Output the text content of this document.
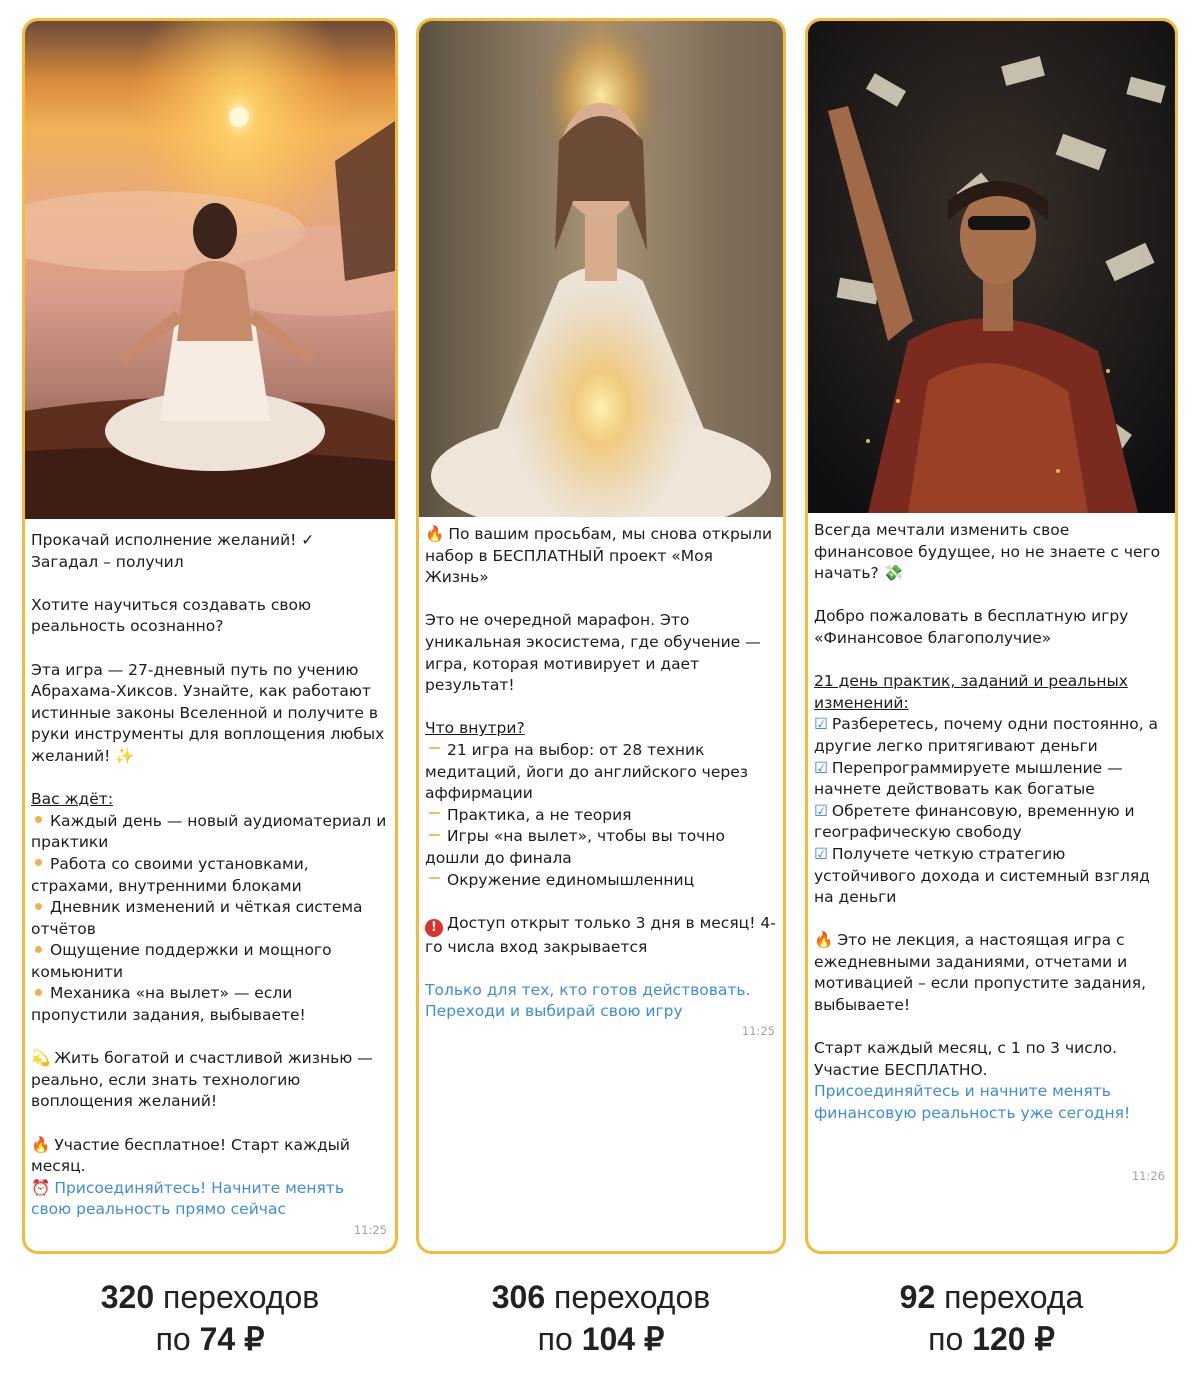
Прокачай исполнение желаний! ✓

Загадал – получил

Хотите научиться создавать свою реальность осознанно?

Эта игра — 27-дневный путь по учению Абрахама-Хиксов. Узнайте, как работают истинные законы Вселенной и получите в руки инструменты для воплощения любых желаний! ✨

Вас ждёт:

Каждый день — новый аудиоматериал и практики

Работа со своими установками, страхами, внутренними блоками

Дневник изменений и чёткая система отчётов

Ощущение поддержки и мощного комьюнити

Механика «на вылет» — если пропустили задания, выбываете!

💫 Жить богатой и счастливой жизнью — реально, если знать технологию воплощения желаний!

🔥 Участие бесплатное! Старт каждый месяц.

⏰ Присоединяйтесь! Начните менять свою реальность прямо сейчас

11:25

🔥 По вашим просьбам, мы снова открыли набор в БЕСПЛАТНЫЙ проект «Моя Жизнь»

Это не очередной марафон. Это уникальная экосистема, где обучение — игра, которая мотивирует и дает результат!

Что внутри?

21 игра на выбор: от 28 техник медитаций, йоги до английского через аффирмации

Практика, а не теория

Игры «на вылет», чтобы вы точно дошли до финала

Окружение единомышленниц

! Доступ открыт только 3 дня в месяц! 4-го числа вход закрывается

Только для тех, кто готов действовать. Переходи и выбирай свою игру

11:25

Всегда мечтали изменить свое финансовое будущее, но не знаете с чего начать? 💸

Добро пожаловать в бесплатную игру «Финансовое благополучие»

21 день практик, заданий и реальных изменений:

☑ Разберетесь, почему одни постоянно, а другие легко притягивают деньги

☑ Перепрограммируете мышление — начнете действовать как богатые

☑ Обретете финансовую, временную и географическую свободу

☑ Получете четкую стратегию устойчивого дохода и системный взгляд на деньги

🔥 Это не лекция, а настоящая игра с ежедневными заданиями, отчетами и мотивацией – если пропустите задания, выбываете!

Старт каждый месяц, с 1 по 3 число. Участие БЕСПЛАТНО.

Присоединяйтесь и начните менять финансовую реальность уже сегодня!

11:26
320 переходов
по 74 ₽
306 переходов
по 104 ₽
92 перехода
по 120 ₽
